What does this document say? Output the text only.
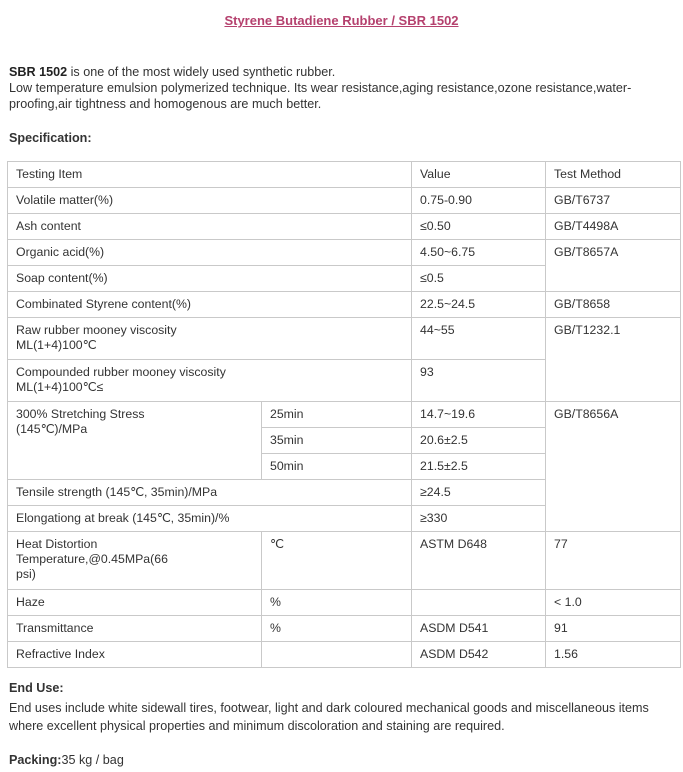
Styrene Butadiene Rubber / SBR 1502
SBR 1502 is one of the most widely used synthetic rubber.
Low temperature emulsion polymerized technique. Its wear resistance,aging resistance,ozone resistance,water-proofing,air tightness and homogenous are much better.
Specification:
Testing Item		Value	Test Method
Volatile matter(%)		0.75-0.90	GB/T6737
Ash content		≤0.50	GB/T4498A
Organic acid(%)		4.50~6.75	GB/T8657A
Soap content(%)		≤0.5	
Combinated Styrene content(%)		22.5~24.5	GB/T8658
Raw rubber mooney viscosity
ML(1+4)100℃		44~55	GB/T1232.1
Compounded rubber mooney viscosity
ML(1+4)100℃≤		93	
300% Stretching Stress
(145℃)/MPa	25min	14.7~19.6	GB/T8656A
	35min	20.6±2.5	
	50min	21.5±2.5	
Tensile strength (145℃, 35min)/MPa		≥24.5	
Elongationg at break (145℃, 35min)/%		≥330	
Heat Distortion
Temperature,@0.45MPa(66
psi)	℃	ASTM D648	77
Haze	%		< 1.0
Transmittance	%	ASDM D541	91
Refractive Index		ASDM D542	1.56
End Use:
End uses include white sidewall tires, footwear, light and dark coloured mechanical goods and miscellaneous items where excellent physical properties and minimum discoloration and staining are required.
Packing:35 kg / bag
